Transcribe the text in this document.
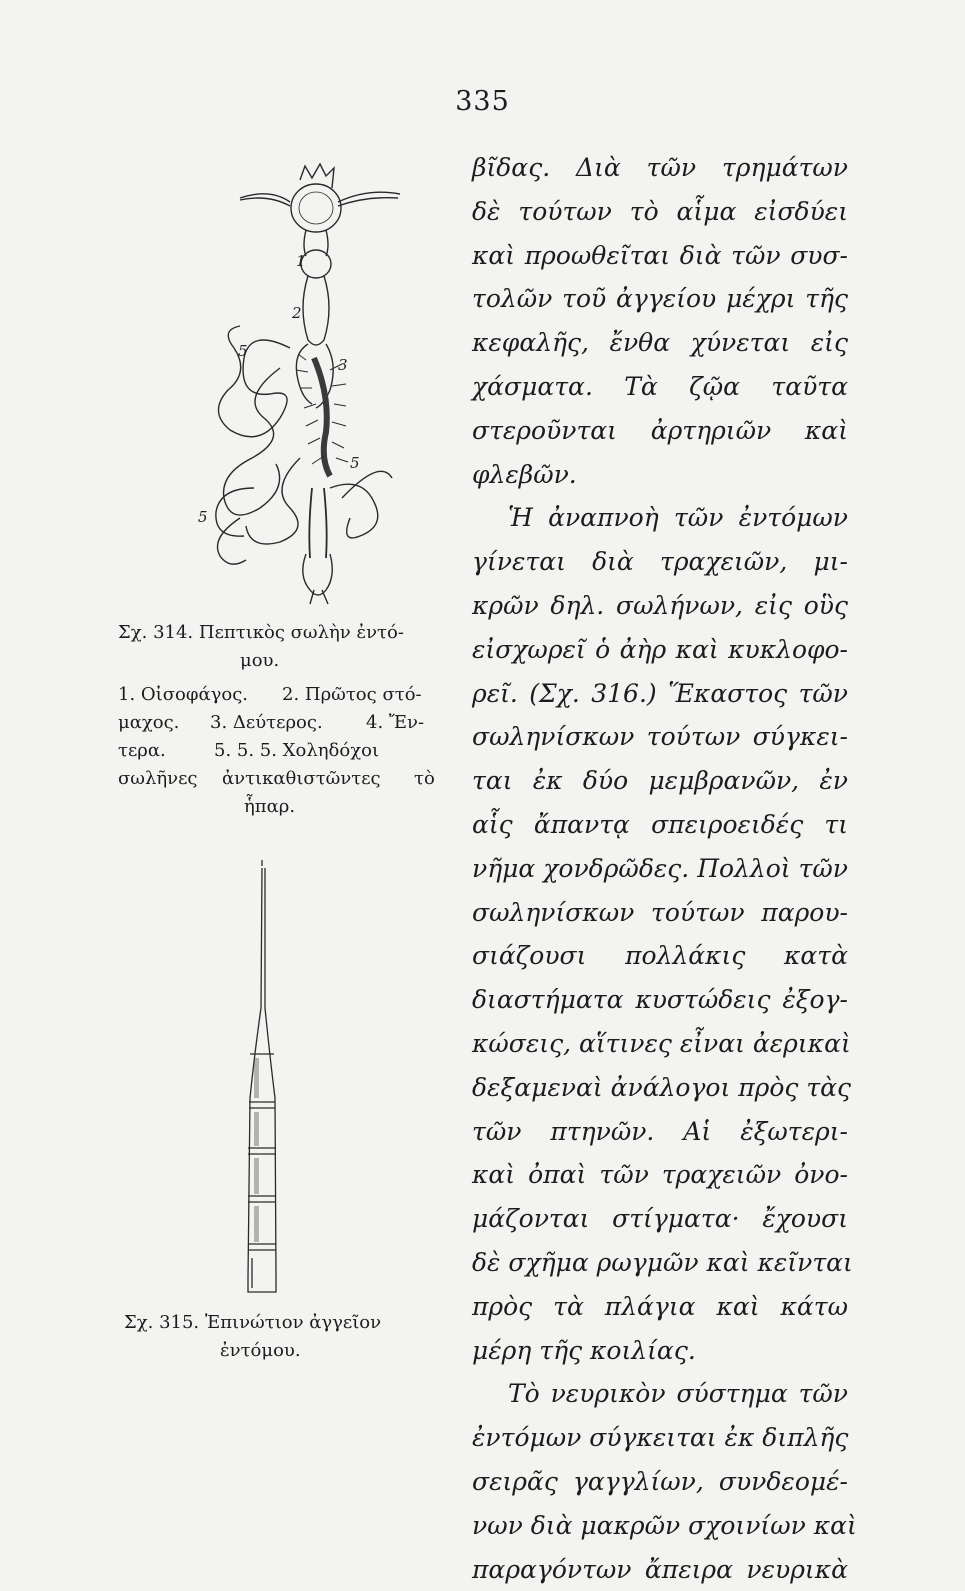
335
1
2
3
5
5
5
Σχ. 314. Πεπτικὸς σωλὴν ἐντό-
μου.
1. Οἰσοφάγος. 2. Πρῶτος στό-
μαχος. 3. Δεύτερος. 4. Ἔν-
τερα.	5. 5. 5. Χοληδόχοι
σωλῆνες ἀντικαθιστῶντες τὸ
ἧπαρ.
Σχ. 315. Ἐπινώτιον ἀγγεῖον
ἐντόμου.
βῖδας. Διὰ τῶν τρημάτων
δὲ τούτων τὸ αἷμα εἰσδύει
καὶ προωθεῖται διὰ τῶν συσ-
τολῶν τοῦ ἀγγείου μέχρι τῆς
κεφαλῆς, ἔνθα χύνεται εἰς
χάσματα. Τὰ ζῷα ταῦτα
στεροῦνται ἀρτηριῶν καὶ
φλεβῶν.
Ἡ ἀναπνοὴ τῶν ἐντόμων
γίνεται διὰ τραχειῶν, μι-
κρῶν δηλ. σωλήνων, εἰς οὓς
εἰσχωρεῖ ὁ ἀὴρ καὶ κυκλοφο-
ρεῖ. (Σχ. 316.) Ἕκαστος τῶν
σωληνίσκων τούτων σύγκει-
ται ἐκ δύο μεμβρανῶν, ἐν
αἷς ἄπαντᾳ σπειροειδές τι
νῆμα χονδρῶδες. Πολλοὶ τῶν
σωληνίσκων τούτων παρου-
σιάζουσι πολλάκις κατὰ
διαστήματα κυστώδεις ἐξογ-
κώσεις, αἵτινες εἶναι ἀερικαὶ
δεξαμεναὶ ἀνάλογοι πρὸς τὰς
τῶν πτηνῶν. Αἱ ἐξωτερι-
καὶ ὀπαὶ τῶν τραχειῶν ὀνο-
μάζονται στίγματα· ἔχουσι
δὲ σχῆμα ρωγμῶν καὶ κεῖνται
πρὸς τὰ πλάγια καὶ κάτω
μέρη τῆς κοιλίας.
Τὸ νευρικὸν σύστημα τῶν
ἐντόμων σύγκειται ἐκ διπλῆς
σειρᾶς γαγγλίων, συνδεομέ-
νων διὰ μακρῶν σχοινίων καὶ
παραγόντων ἄπειρα νευρικὰ
